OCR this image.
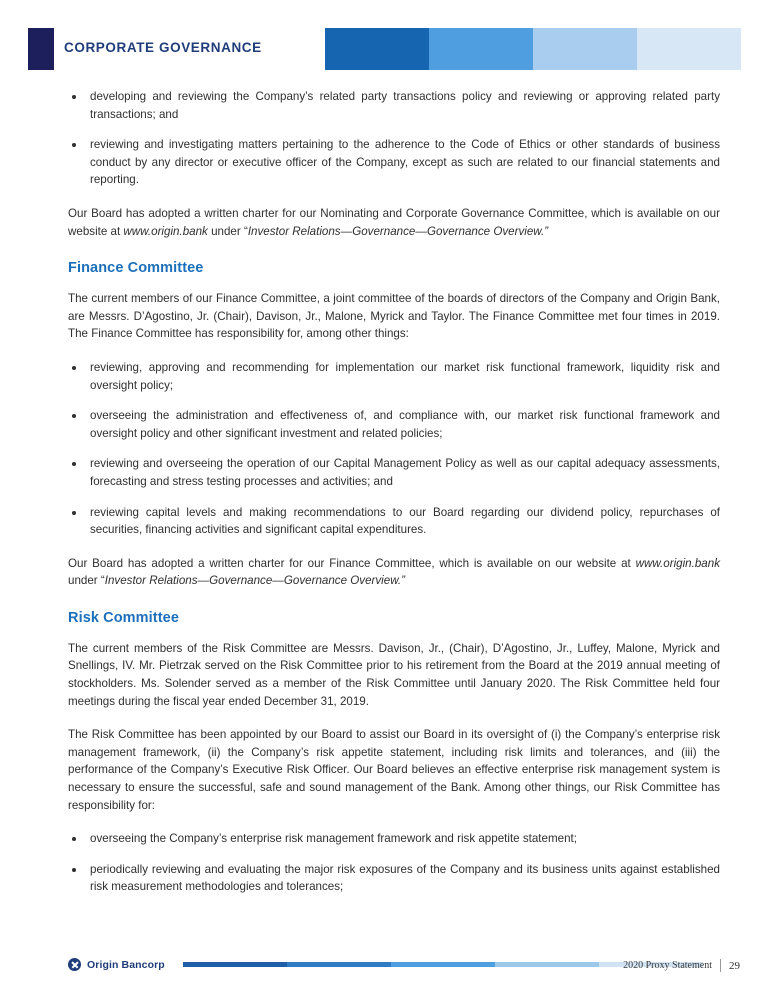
CORPORATE GOVERNANCE
developing and reviewing the Company’s related party transactions policy and reviewing or approving related party transactions; and
reviewing and investigating matters pertaining to the adherence to the Code of Ethics or other standards of business conduct by any director or executive officer of the Company, except as such are related to our financial statements and reporting.

Our Board has adopted a written charter for our Nominating and Corporate Governance Committee, which is available on our website at www.origin.bank under “Investor Relations—Governance—Governance Overview.”

Finance Committee

The current members of our Finance Committee, a joint committee of the boards of directors of the Company and Origin Bank, are Messrs. D’Agostino, Jr. (Chair), Davison, Jr., Malone, Myrick and Taylor. The Finance Committee met four times in 2019. The Finance Committee has responsibility for, among other things:

reviewing, approving and recommending for implementation our market risk functional framework, liquidity risk and oversight policy;
overseeing the administration and effectiveness of, and compliance with, our market risk functional framework and oversight policy and other significant investment and related policies;
reviewing and overseeing the operation of our Capital Management Policy as well as our capital adequacy assessments, forecasting and stress testing processes and activities; and
reviewing capital levels and making recommendations to our Board regarding our dividend policy, repurchases of securities, financing activities and significant capital expenditures.

Our Board has adopted a written charter for our Finance Committee, which is available on our website at www.origin.bank under “Investor Relations—Governance—Governance Overview.”

Risk Committee

The current members of the Risk Committee are Messrs. Davison, Jr., (Chair), D’Agostino, Jr., Luffey, Malone, Myrick and Snellings, IV. Mr. Pietrzak served on the Risk Committee prior to his retirement from the Board at the 2019 annual meeting of stockholders. Ms. Solender served as a member of the Risk Committee until January 2020. The Risk Committee held four meetings during the fiscal year ended December 31, 2019.

The Risk Committee has been appointed by our Board to assist our Board in its oversight of (i) the Company’s enterprise risk management framework, (ii) the Company’s risk appetite statement, including risk limits and tolerances, and (iii) the performance of the Company’s Executive Risk Officer. Our Board believes an effective enterprise risk management system is necessary to ensure the successful, safe and sound management of the Bank. Among other things, our Risk Committee has responsibility for:

overseeing the Company’s enterprise risk management framework and risk appetite statement;
periodically reviewing and evaluating the major risk exposures of the Company and its business units against established risk measurement methodologies and tolerances;
Origin Bancorp	2020 Proxy Statement 29
